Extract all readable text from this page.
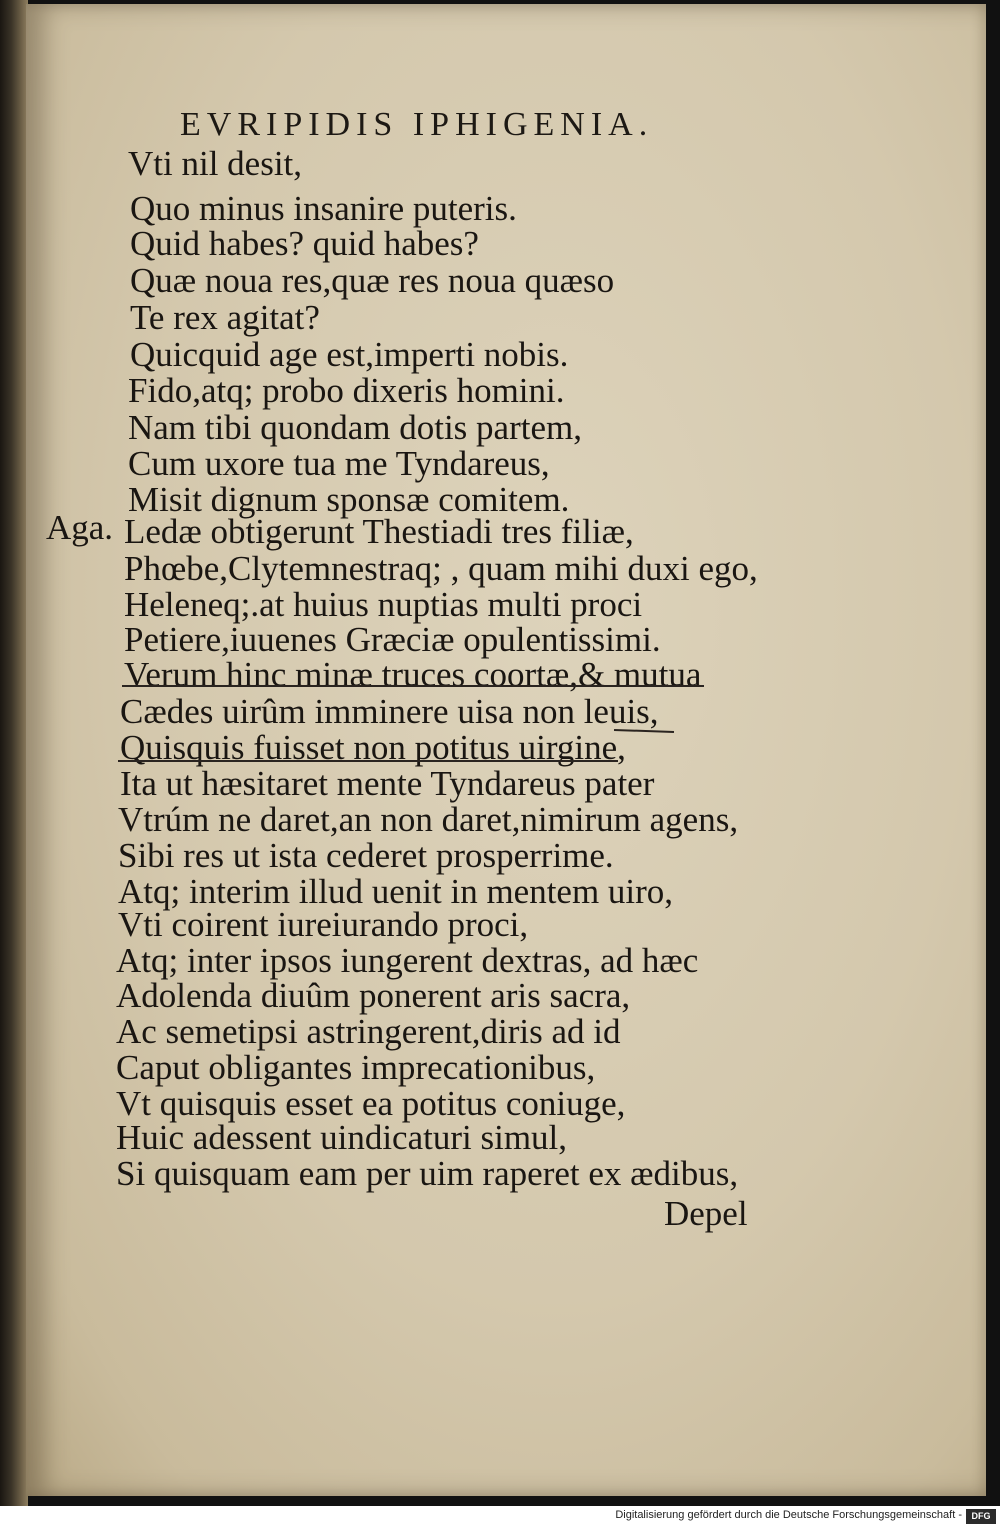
EVRIPIDIS IPHIGENIA.
Aga.
Vti nil desit,
Quo minus insanire puteris.
Quid habes? quid habes?
Quæ noua res,quæ res noua quæso
Te rex agitat?
Quicquid age est,imperti nobis.
Fido,atq; probo dixeris homini.
Nam tibi quondam dotis partem,
Cum uxore tua me Tyndareus,
Misit dignum sponsæ comitem.
Ledæ obtigerunt Thestiadi tres filiæ,
Phœbe,Clytemnestraq; , quam mihi duxi ego,
Heleneq;.at huius nuptias multi proci
Petiere,iuuenes Græciæ opulentissimi.
Verum hinc minæ truces coortæ,& mutua
Cædes uirûm imminere uisa non leuis,
Quisquis fuisset non potitus uirgine,
Ita ut hæsitaret mente Tyndareus pater
Vtrúm ne daret,an non daret,nimirum agens,
Sibi res ut ista cederet prosperrime.
Atq; interim illud uenit in mentem uiro,
Vti coirent iureiurando proci,
Atq; inter ipsos iungerent dextras, ad hæc
Adolenda diuûm ponerent aris sacra,
Ac semetipsi astringerent,diris ad id
Caput obligantes imprecationibus,
Vt quisquis esset ea potitus coniuge,
Huic adessent uindicaturi simul,
Si quisquam eam per uim raperet ex ædibus,
Depel
Digitalisierung gefördert durch die Deutsche Forschungsgemeinschaft -	DFG
